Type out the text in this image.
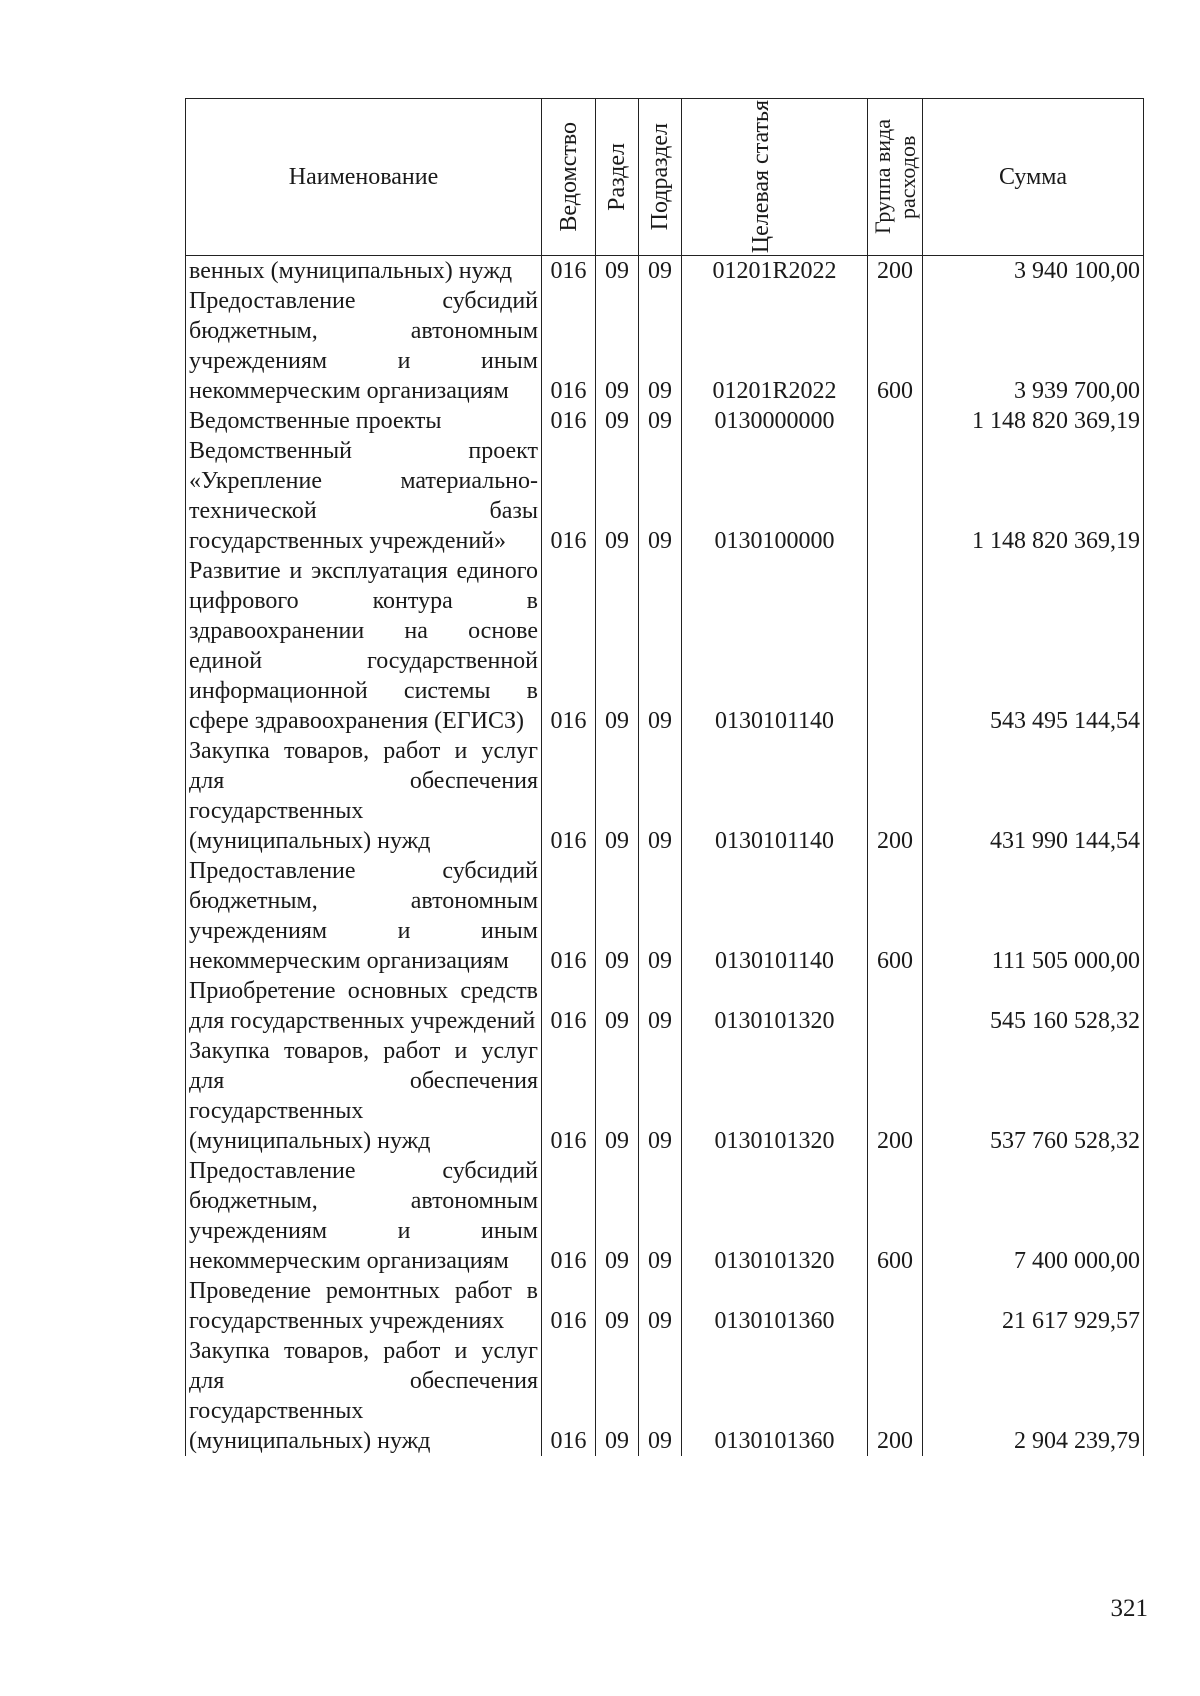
Наименование	Ведомство	Раздел	Подраздел	Целевая статья	Группа вида расходов	Сумма
венных (муниципальных) нужд	016	09	09	01201R2022	200	3 940 100,00
Предоставление субсидий бюджетным, автономным учреждениям и иным некоммерческим организациям	016	09	09	01201R2022	600	3 939 700,00
Ведомственные проекты	016	09	09	0130000000		1 148 820 369,19
Ведомственный проект «Укрепление материально-технической базы государственных учреждений»	016	09	09	0130100000		1 148 820 369,19
Развитие и эксплуатация единого цифрового контура в здравоохранении на основе единой государственной информационной системы в сфере здравоохранения (ЕГИСЗ)	016	09	09	0130101140		543 495 144,54
Закупка товаров, работ и услуг для обеспечения государственных (муниципальных) нужд	016	09	09	0130101140	200	431 990 144,54
Предоставление субсидий бюджетным, автономным учреждениям и иным некоммерческим организациям	016	09	09	0130101140	600	111 505 000,00
Приобретение основных средств для государственных учреждений	016	09	09	0130101320		545 160 528,32
Закупка товаров, работ и услуг для обеспечения государственных (муниципальных) нужд	016	09	09	0130101320	200	537 760 528,32
Предоставление субсидий бюджетным, автономным учреждениям и иным некоммерческим организациям	016	09	09	0130101320	600	7 400 000,00
Проведение ремонтных работ в государственных учреждениях	016	09	09	0130101360		21 617 929,57
Закупка товаров, работ и услуг для обеспечения государственных (муниципальных) нужд	016	09	09	0130101360	200	2 904 239,79
321
